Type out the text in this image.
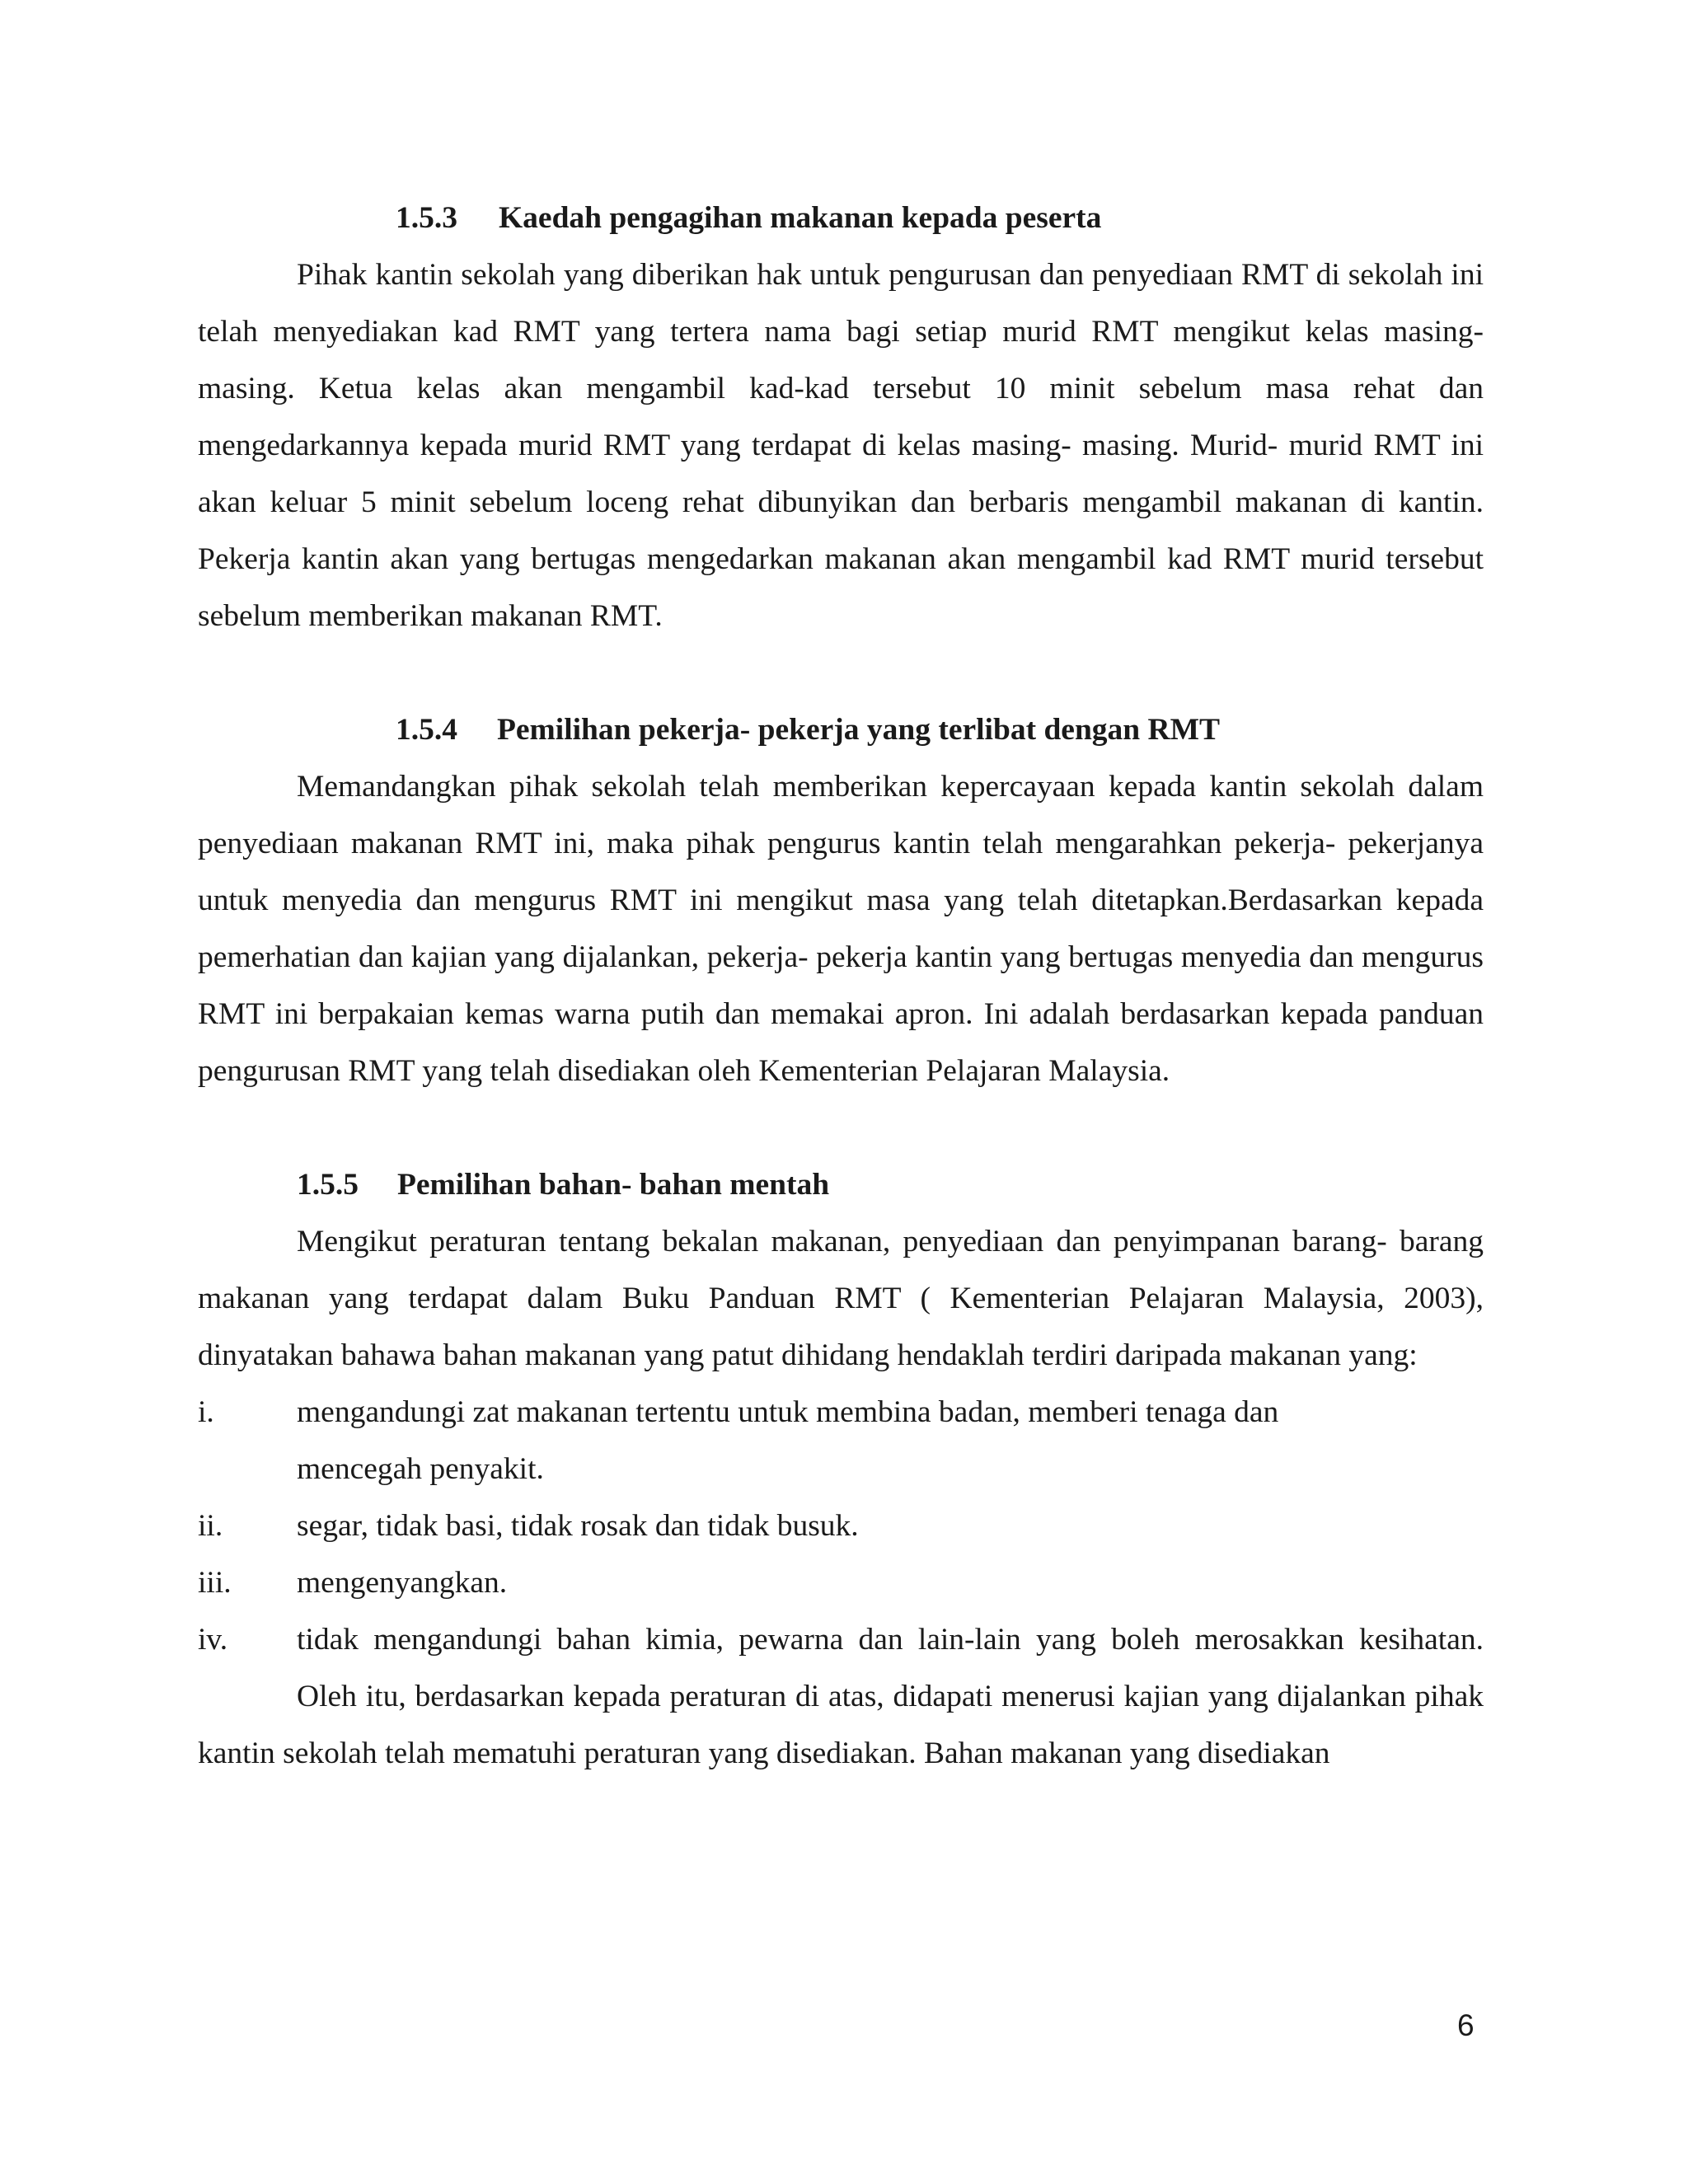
1.5.3 Kaedah pengagihan makanan kepada peserta

Pihak kantin sekolah yang diberikan hak untuk pengurusan dan penyediaan RMT di sekolah ini telah menyediakan kad RMT yang tertera nama bagi setiap murid RMT mengikut kelas masing- masing. Ketua kelas akan mengambil kad-kad tersebut 10 minit sebelum masa rehat dan mengedarkannya kepada murid RMT yang terdapat di kelas masing- masing. Murid- murid RMT ini akan keluar 5 minit sebelum loceng rehat dibunyikan dan berbaris mengambil makanan di kantin. Pekerja kantin akan yang bertugas mengedarkan makanan akan mengambil kad RMT murid tersebut sebelum memberikan makanan RMT.

1.5.4 Pemilihan pekerja- pekerja yang terlibat dengan RMT

Memandangkan pihak sekolah telah memberikan kepercayaan kepada kantin sekolah dalam penyediaan makanan RMT ini, maka pihak pengurus kantin telah mengarahkan pekerja- pekerjanya untuk menyedia dan mengurus RMT ini mengikut masa yang telah ditetapkan.Berdasarkan kepada pemerhatian dan kajian yang dijalankan, pekerja- pekerja kantin yang bertugas menyedia dan mengurus RMT ini berpakaian kemas warna putih dan memakai apron. Ini adalah berdasarkan kepada panduan pengurusan RMT yang telah disediakan oleh Kementerian Pelajaran Malaysia.

1.5.5 Pemilihan bahan- bahan mentah

Mengikut peraturan tentang bekalan makanan, penyediaan dan penyimpanan barang- barang makanan yang terdapat dalam Buku Panduan RMT ( Kementerian Pelajaran Malaysia, 2003), dinyatakan bahawa bahan makanan yang patut dihidang hendaklah terdiri daripada makanan yang:

i.	mengandungi zat makanan tertentu untuk membina badan, memberi tenaga dan mencegah penyakit.
ii.	segar, tidak basi, tidak rosak dan tidak busuk.
iii.	mengenyangkan.
iv.	tidak mengandungi bahan kimia, pewarna dan lain-lain yang boleh merosakkan kesihatan.

Oleh itu, berdasarkan kepada peraturan di atas, didapati menerusi kajian yang dijalankan pihak kantin sekolah telah mematuhi peraturan yang disediakan. Bahan makanan yang disediakan

6
